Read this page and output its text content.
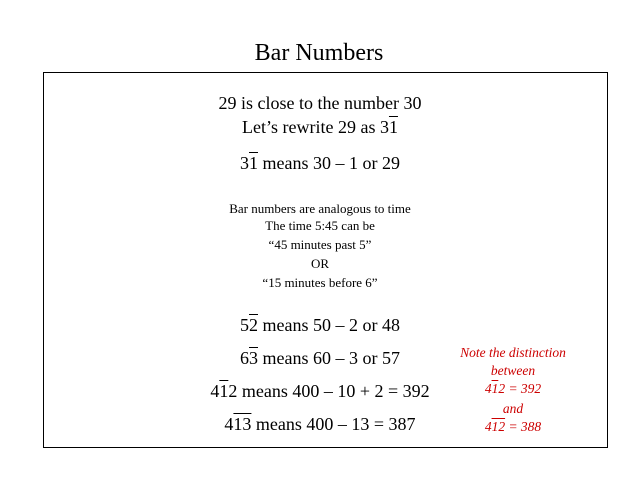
Bar Numbers
29 is close to the number 30
Let’s rewrite 29 as 31
31 means 30 – 1 or 29
Bar numbers are analogous to time
The time 5:45 can be
“45 minutes past 5”
OR
“15 minutes before 6”
52 means 50 – 2 or 48
63 means 60 – 3 or 57
412 means 400 – 10 + 2 = 392
413 means 400 – 13 = 387
Note the distinction
between
412 = 392
and
412 = 388
